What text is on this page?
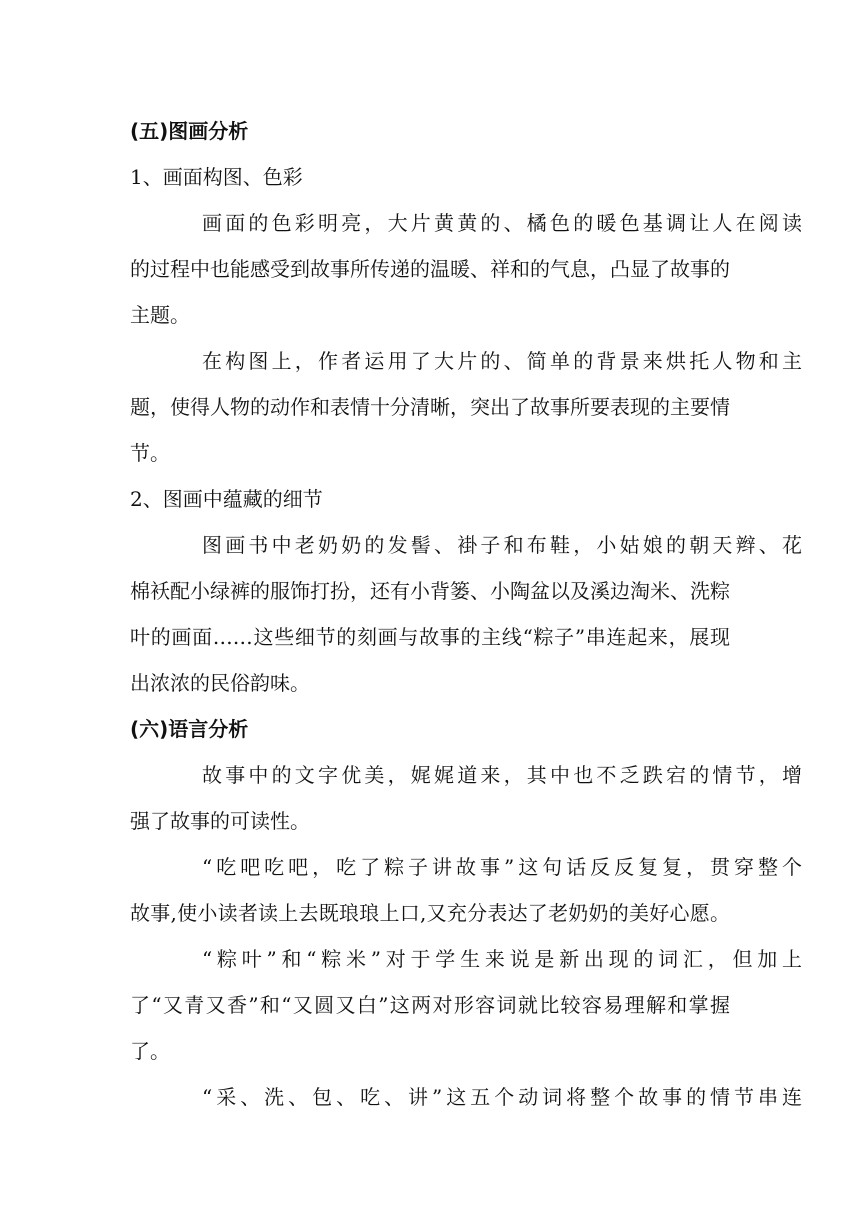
(五)图画分析

1、画面构图、色彩

画面的色彩明亮，大片黄黄的、橘色的暖色基调让人在阅读

的过程中也能感受到故事所传递的温暖、祥和的气息，凸显了故事的

主题。

在构图上，作者运用了大片的、简单的背景来烘托人物和主

题，使得人物的动作和表情十分清晰，突出了故事所要表现的主要情

节。

2、图画中蕴藏的细节

图画书中老奶奶的发髻、褂子和布鞋，小姑娘的朝天辫、花

棉袄配小绿裤的服饰打扮，还有小背篓、小陶盆以及溪边淘米、洗粽

叶的画面……这些细节的刻画与故事的主线“粽子”串连起来，展现

出浓浓的民俗韵味。

(六)语言分析

故事中的文字优美，娓娓道来，其中也不乏跌宕的情节，增

强了故事的可读性。

“吃吧吃吧，吃了粽子讲故事”这句话反反复复，贯穿整个

故事,使小读者读上去既琅琅上口,又充分表达了老奶奶的美好心愿。

“粽叶”和“粽米”对于学生来说是新出现的词汇，但加上

了“又青又香”和“又圆又白”这两对形容词就比较容易理解和掌握

了。

“采、洗、包、吃、讲”这五个动词将整个故事的情节串连
